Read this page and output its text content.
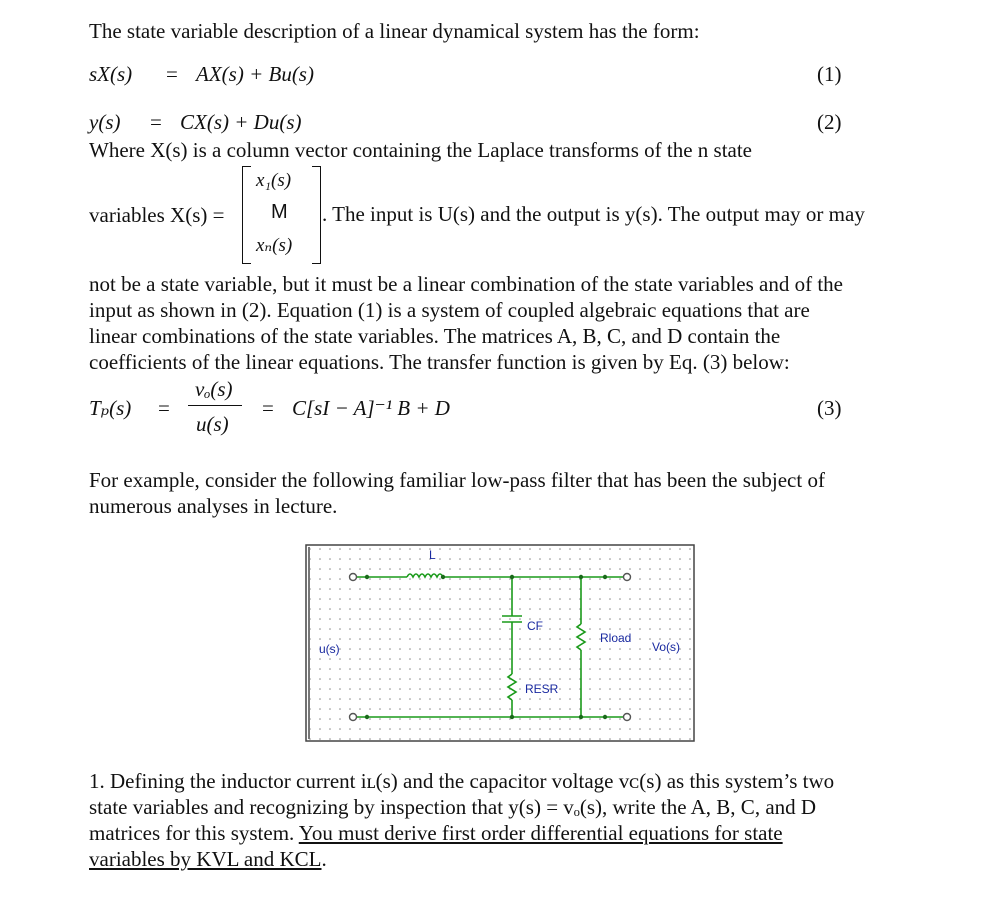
The state variable description of a linear dynamical system has the form:
sX(s) = AX(s) + Bu(s)	(1)
y(s) = CX(s) + Du(s)	(2)
Where X(s) is a column vector containing the Laplace transforms of the n state
variables X(s) =
x₁(s)
M
xₙ(s)
. The input is U(s) and the output is y(s). The output may or may
not be a state variable, but it must be a linear combination of the state variables and of the
input as shown in (2). Equation (1) is a system of coupled algebraic equations that are
linear combinations of the state variables. The matrices A, B, C, and D contain the
coefficients of the linear equations. The transfer function is given by Eq. (3) below:
Tₚ(s) =
vₒ(s)
u(s)
= C[sI − A]⁻¹ B + D	(3)
For example, consider the following familiar low-pass filter that has been the subject of
numerous analyses in lecture.
L
CF
RESR
Rload
u(s)	Vo(s)
1. Defining the inductor current iʟ(s) and the capacitor voltage vᴄ(s) as this system’s two
state variables and recognizing by inspection that y(s) = vₒ(s), write the A, B, C, and D
matrices for this system. You must derive first order differential equations for state
variables by KVL and KCL.
